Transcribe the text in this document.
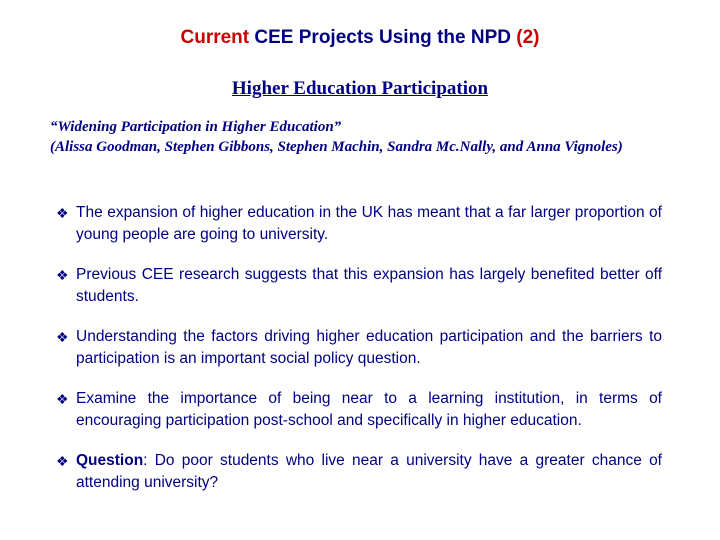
Current CEE Projects Using the NPD (2)
Higher Education Participation
“Widening Participation in Higher Education”
(Alissa Goodman, Stephen Gibbons, Stephen Machin, Sandra Mc.Nally, and Anna Vignoles)
❖ The expansion of higher education in the UK has meant that a far larger proportion of young people are going to university.
❖ Previous CEE research suggests that this expansion has largely benefited better off students.
❖ Understanding the factors driving higher education participation and the barriers to participation is an important social policy question.
❖ Examine the importance of being near to a learning institution, in terms of encouraging participation post-school and specifically in higher education.
❖ Question: Do poor students who live near a university have a greater chance of attending university?
